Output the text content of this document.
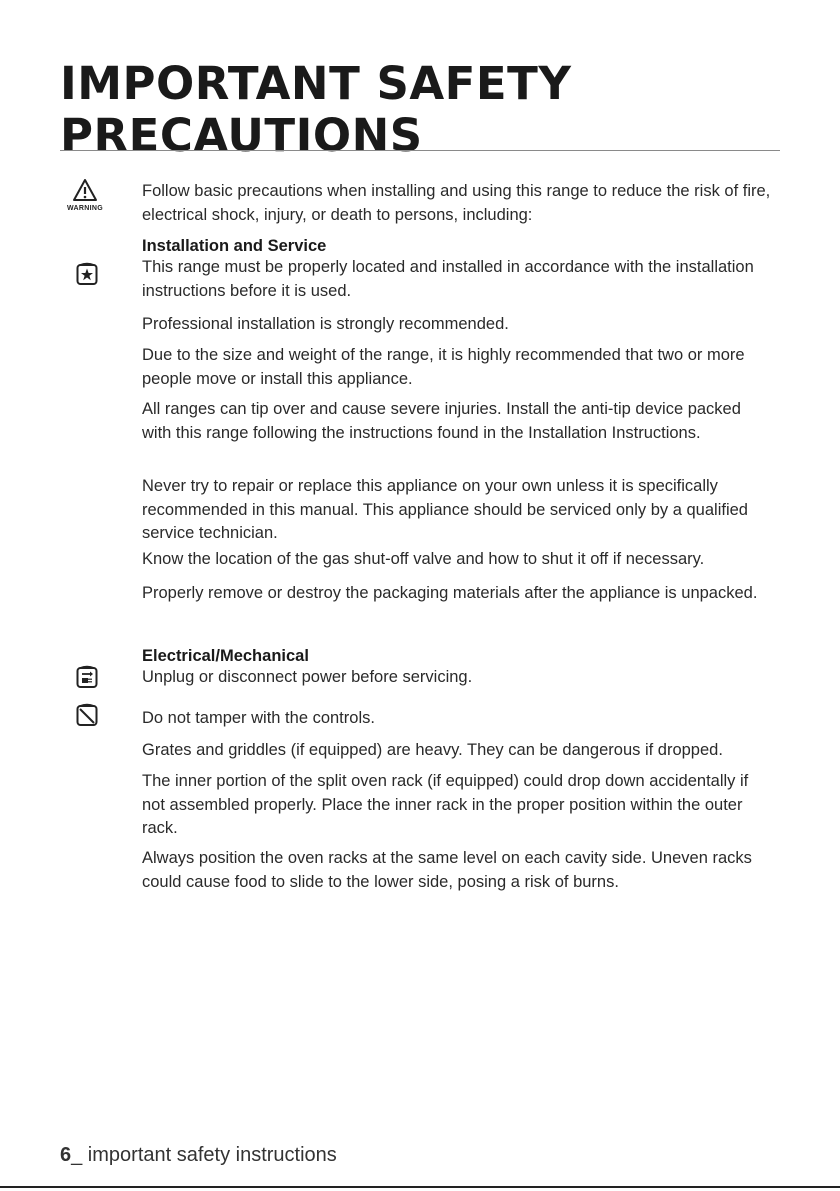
IMPORTANT SAFETY
PRECAUTIONS
WARNING
Follow basic precautions when installing and using this range to reduce the risk of fire, electrical shock, injury, or death to persons, including:
Installation and Service
This range must be properly located and installed in accordance with the installation instructions before it is used.
Professional installation is strongly recommended.
Due to the size and weight of the range, it is highly recommended that two or more people move or install this appliance.
All ranges can tip over and cause severe injuries. Install the anti-tip device packed with this range following the instructions found in the Installation Instructions.
Never try to repair or replace this appliance on your own unless it is specifically recommended in this manual. This appliance should be serviced only by a qualified service technician.
Know the location of the gas shut-off valve and how to shut it off if necessary.
Properly remove or destroy the packaging materials after the appliance is unpacked.
Electrical/Mechanical
Unplug or disconnect power before servicing.
Do not tamper with the controls.
Grates and griddles (if equipped) are heavy. They can be dangerous if dropped.
The inner portion of the split oven rack (if equipped) could drop down accidentally if not assembled properly. Place the inner rack in the proper position within the outer rack.
Always position the oven racks at the same level on each cavity side. Uneven racks could cause food to slide to the lower side, posing a risk of burns.
6_ important safety instructions
